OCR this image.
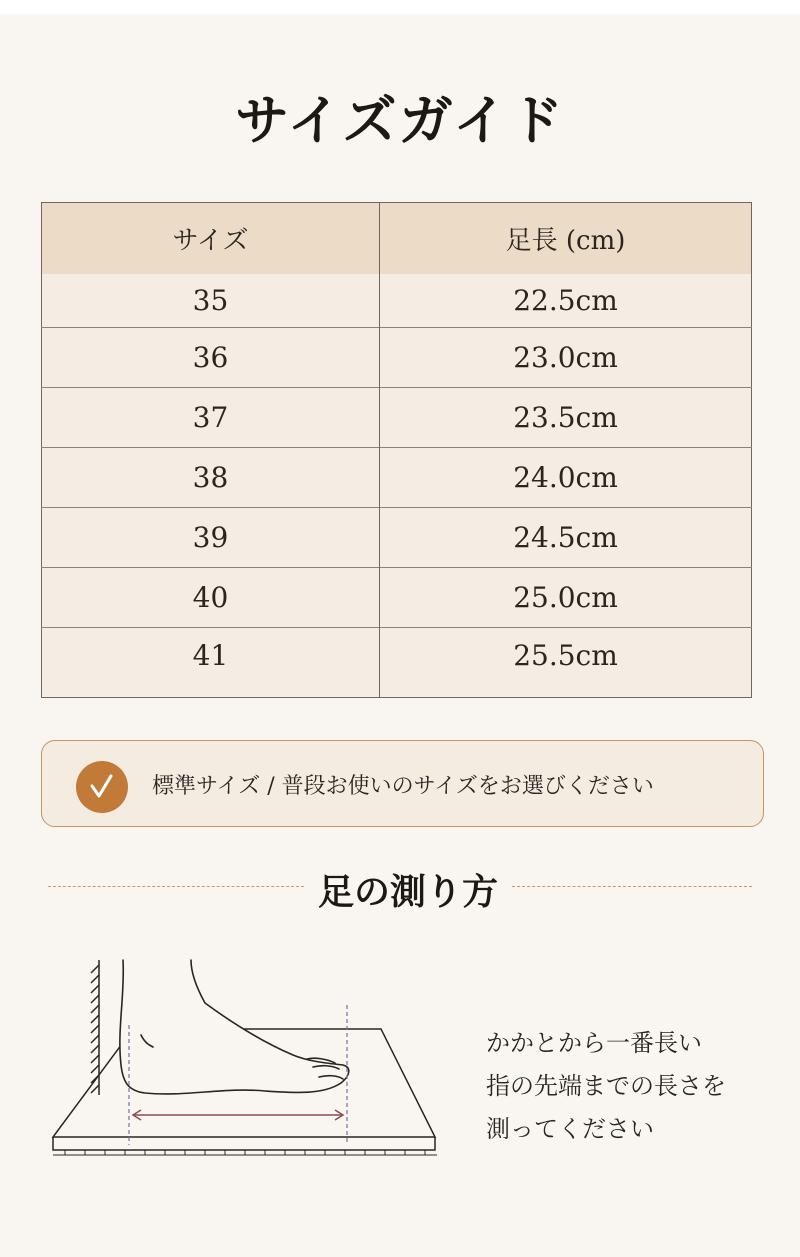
サイズガイド
サイズ	足長 (cm)
35	22.5cm
36	23.0cm
37	23.5cm
38	24.0cm
39	24.5cm
40	25.0cm
41	25.5cm
標準サイズ / 普段お使いのサイズをお選びください
足の測り方
かかとから一番長い
指の先端までの長さを
測ってください
